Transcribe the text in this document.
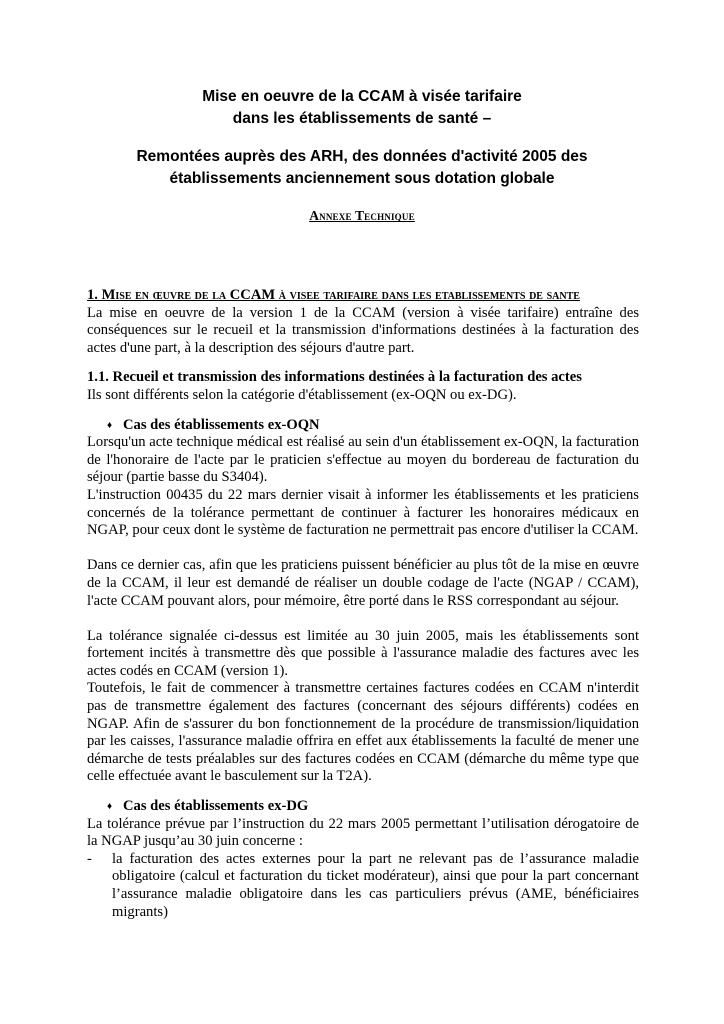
Mise en oeuvre de la CCAM à visée tarifaire
dans les établissements de santé –
Remontées auprès des ARH, des données d'activité 2005 des
établissements anciennement sous dotation globale
Annexe Technique

1. Mise en œuvre de la CCAM à visee tarifaire dans les etablissements de sante

La mise en oeuvre de la version 1 de la CCAM (version à visée tarifaire) entraîne des conséquences sur le recueil et la transmission d'informations destinées à la facturation des actes d'une part, à la description des séjours d'autre part.

1.1. Recueil et transmission des informations destinées à la facturation des actes

Ils sont différents selon la catégorie d'établissement (ex-OQN ou ex-DG).

♦ Cas des établissements ex-OQN

Lorsqu'un acte technique médical est réalisé au sein d'un établissement ex-OQN, la facturation de l'honoraire de l'acte par le praticien s'effectue au moyen du bordereau de facturation du séjour (partie basse du S3404).

L'instruction 00435 du 22 mars dernier visait à informer les établissements et les praticiens concernés de la tolérance permettant de continuer à facturer les honoraires médicaux en NGAP, pour ceux dont le système de facturation ne permettrait pas encore d'utiliser la CCAM.

Dans ce dernier cas, afin que les praticiens puissent bénéficier au plus tôt de la mise en œuvre de la CCAM, il leur est demandé de réaliser un double codage de l'acte (NGAP / CCAM), l'acte CCAM pouvant alors, pour mémoire, être porté dans le RSS correspondant au séjour.

La tolérance signalée ci-dessus est limitée au 30 juin 2005, mais les établissements sont fortement incités à transmettre dès que possible à l'assurance maladie des factures avec les actes codés en CCAM (version 1).

Toutefois, le fait de commencer à transmettre certaines factures codées en CCAM n'interdit pas de transmettre également des factures (concernant des séjours différents) codées en NGAP. Afin de s'assurer du bon fonctionnement de la procédure de transmission/liquidation par les caisses, l'assurance maladie offrira en effet aux établissements la faculté de mener une démarche de tests préalables sur des factures codées en CCAM (démarche du même type que celle effectuée avant le basculement sur la T2A).

♦ Cas des établissements ex-DG

La tolérance prévue par l’instruction du 22 mars 2005 permettant l’utilisation dérogatoire de la NGAP jusqu’au 30 juin concerne :

-	la facturation des actes externes pour la part ne relevant pas de l’assurance maladie obligatoire (calcul et facturation du ticket modérateur), ainsi que pour la part concernant l’assurance maladie obligatoire dans les cas particuliers prévus (AME, bénéficiaires migrants)
